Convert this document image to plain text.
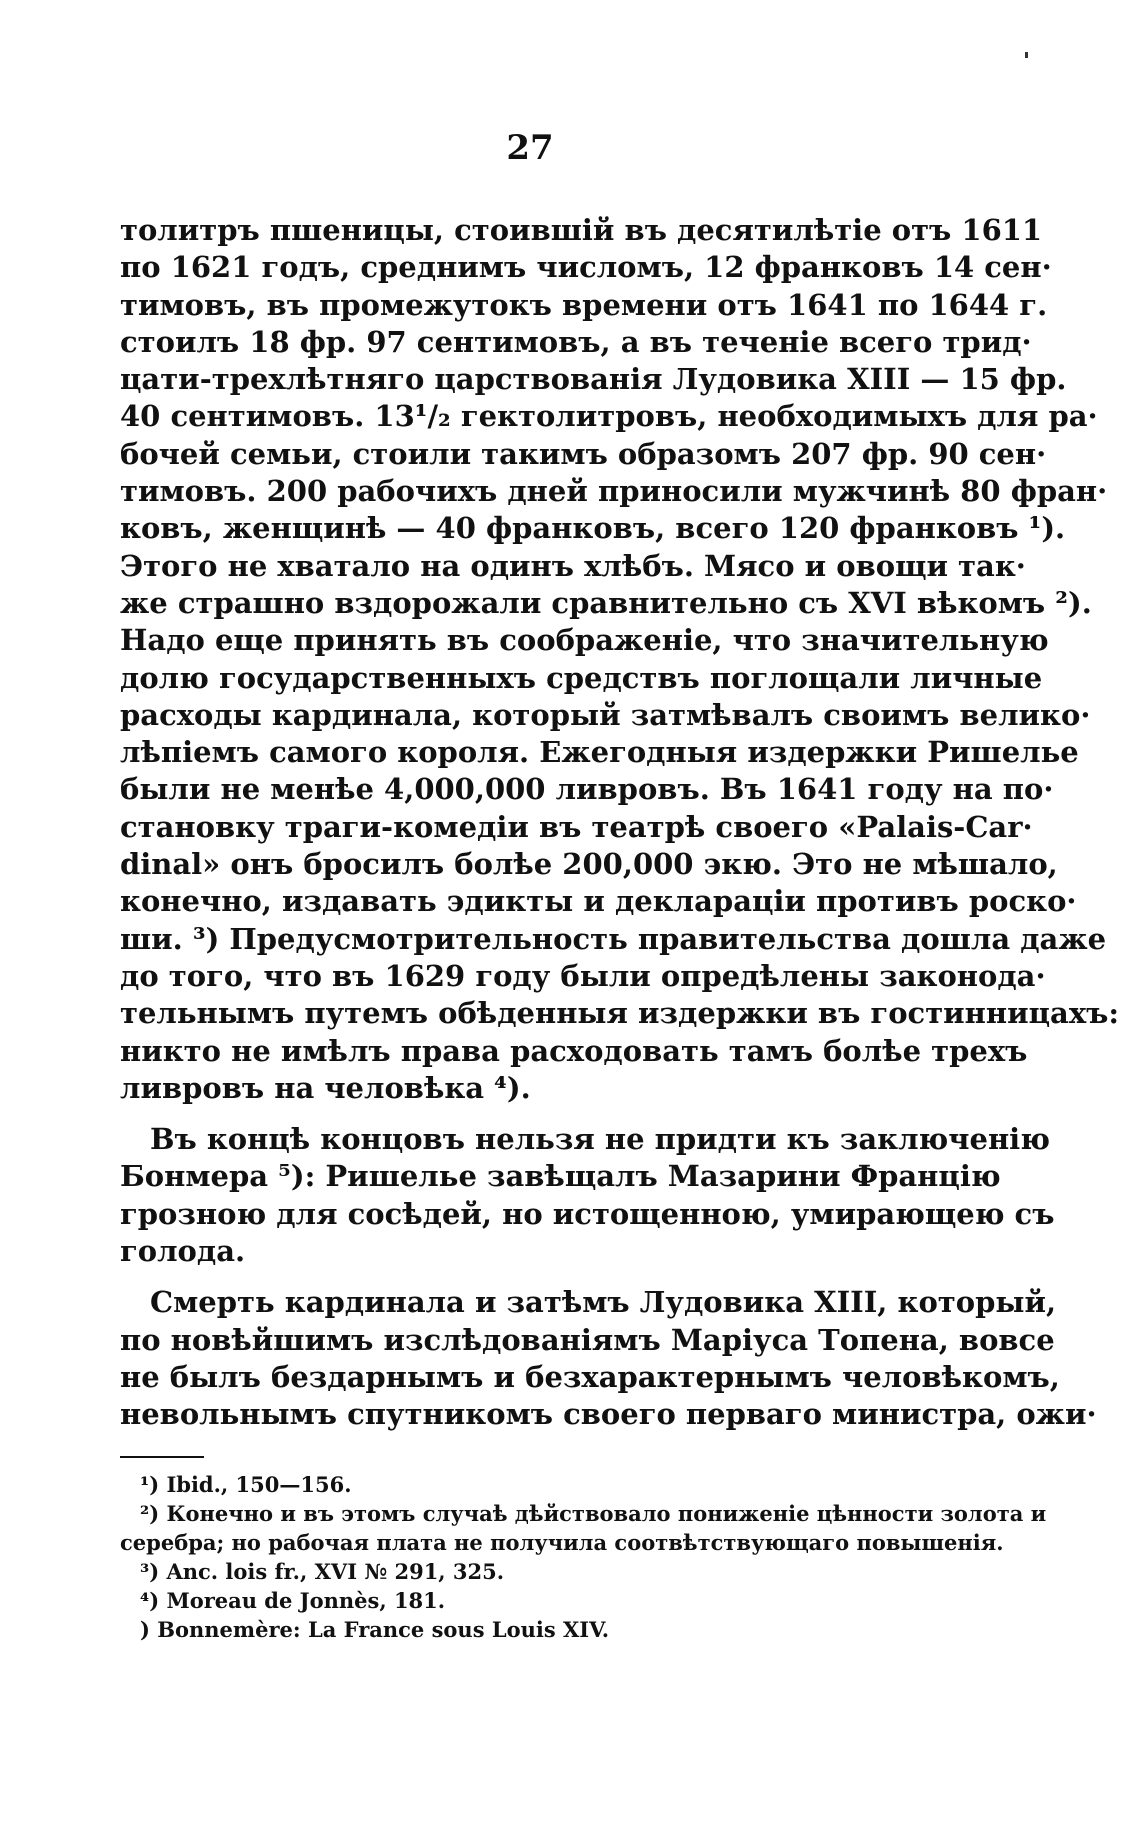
27
толитръ пшеницы, стоившій въ десятилѣтіе отъ 1611
по 1621 годъ, среднимъ числомъ, 12 франковъ 14 сен·
тимовъ, въ промежутокъ времени отъ 1641 по 1644 г.
стоилъ 18 фр. 97 сентимовъ, а въ теченіе всего трид·
цати-трехлѣтняго царствованія Лудовика XIII — 15 фр.
40 сентимовъ. 13¹/₂ гектолитровъ, необходимыхъ для ра·
бочей семьи, стоили такимъ образомъ 207 фр. 90 сен·
тимовъ. 200 рабочихъ дней приносили мужчинѣ 80 фран·
ковъ, женщинѣ — 40 франковъ, всего 120 франковъ ¹).
Этого не хватало на одинъ хлѣбъ. Мясо и овощи так·
же страшно вздорожали сравнительно съ XVI вѣкомъ ²).
Надо еще принять въ соображеніе, что значительную
долю государственныхъ средствъ поглощали личные
расходы кардинала, который затмѣвалъ своимъ велико·
лѣпіемъ самого короля. Ежегодныя издержки Ришелье
были не менѣе 4,000,000 ливровъ. Въ 1641 году на по·
становку траги-комедіи въ театрѣ своего «Palais-Car·
dinal» онъ бросилъ болѣе 200,000 экю. Это не мѣшало,
конечно, издавать эдикты и деклараціи противъ роско·
ши. ³) Предусмотрительность правительства дошла даже
до того, что въ 1629 году были опредѣлены законода·
тельнымъ путемъ обѣденныя издержки въ гостинницахъ:
никто не имѣлъ права расходовать тамъ болѣе трехъ
ливровъ на человѣка ⁴).
Въ концѣ концовъ нельзя не придти къ заключенію
Бонмера ⁵): Ришелье завѣщалъ Мазарини Францію
грозною для сосѣдей, но истощенною, умирающею съ
голода.
Смерть кардинала и затѣмъ Лудовика XIII, который,
по новѣйшимъ изслѣдованіямъ Маріуса Топена, вовсе
не былъ бездарнымъ и безхарактернымъ человѣкомъ,
невольнымъ спутникомъ своего перваго министра, ожи·
¹) Ibid., 150—156.
²) Конечно и въ этомъ случаѣ дѣйствовало пониженіе цѣнности золота и
серебра; но рабочая плата не получила соотвѣтствующаго повышенія.
³) Anc. lois fr., XVI № 291, 325.
⁴) Moreau de Jonnès, 181.
) Bonnemère: La France sous Louis XIV.
